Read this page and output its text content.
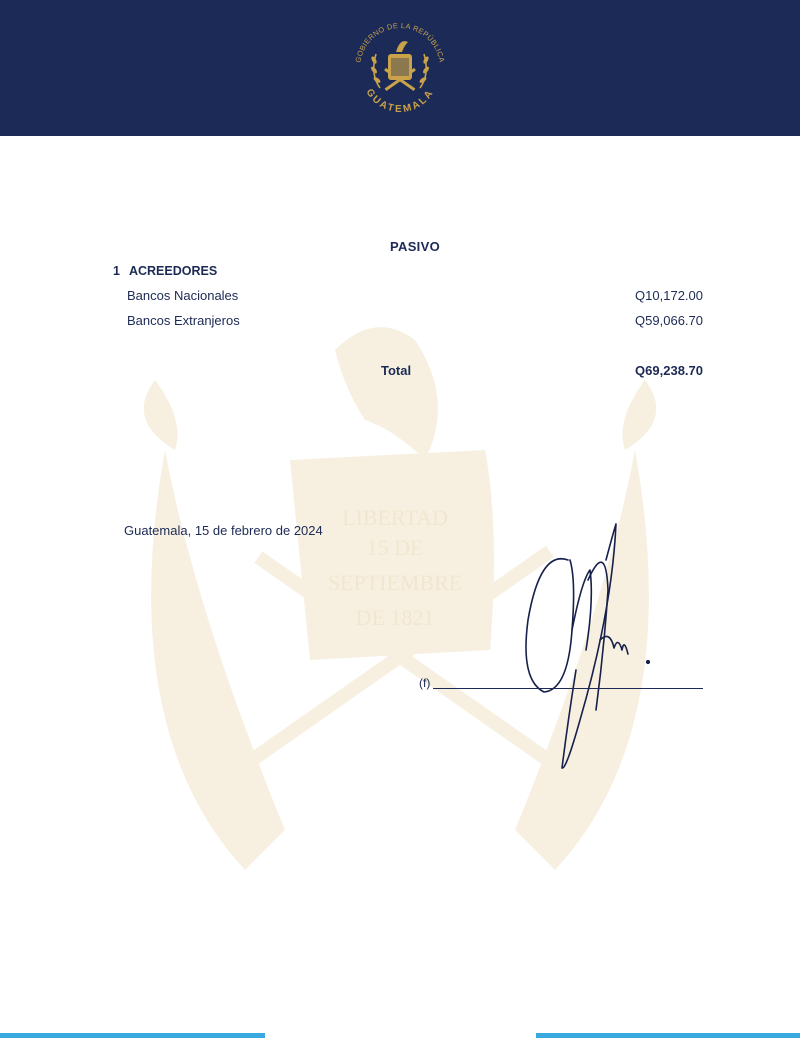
GOBIERNO DE LA REPÚBLICA
GUATEMALA
LIBERTAD
15 DE
SEPTIEMBRE
DE 1821
PASIVO
1 ACREEDORES
Bancos Nacionales	Q10,172.00
Bancos Extranjeros	Q59,066.70
Total	Q69,238.70
Guatemala, 15 de febrero de 2024
(f)
